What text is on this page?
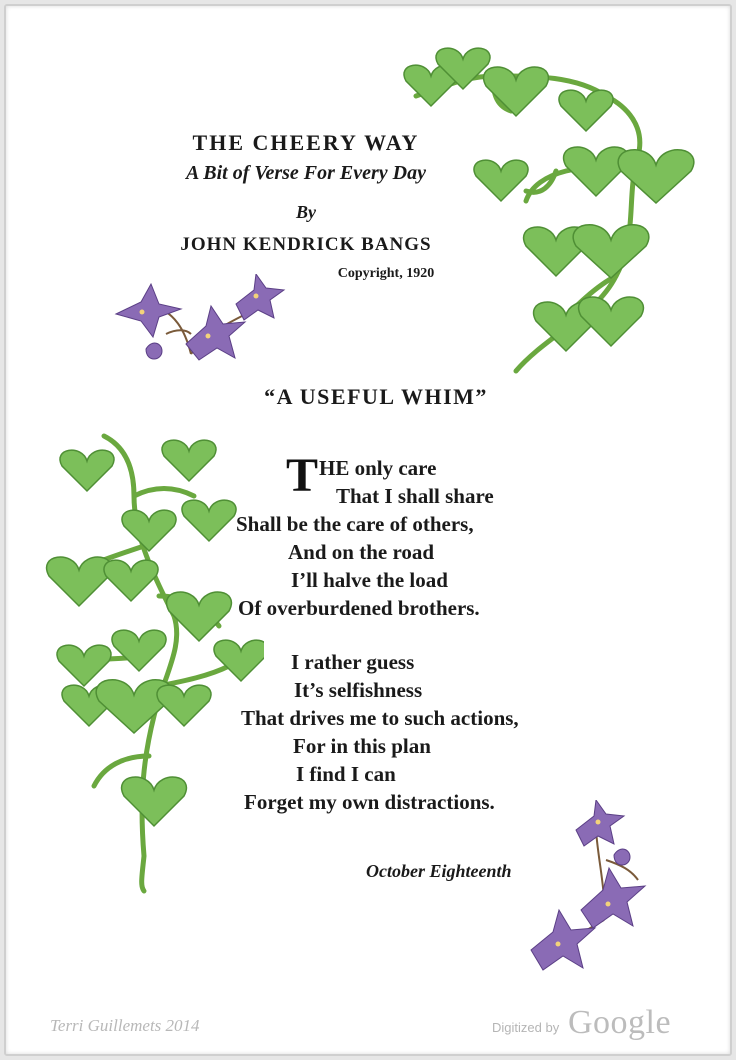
THE CHEERY WAY
A Bit of Verse For Every Day
By
JOHN KENDRICK BANGS
Copyright, 1920
“A USEFUL WHIM”
T HE only care
That I shall share
Shall be the care of others,
And on the road
I’ll halve the load
Of overburdened brothers.
I rather guess
It’s selfishness
That drives me to such actions,
For in this plan
I find I can
Forget my own distractions.
October Eighteenth
Terri Guillemets 2014	Digitized by Google
